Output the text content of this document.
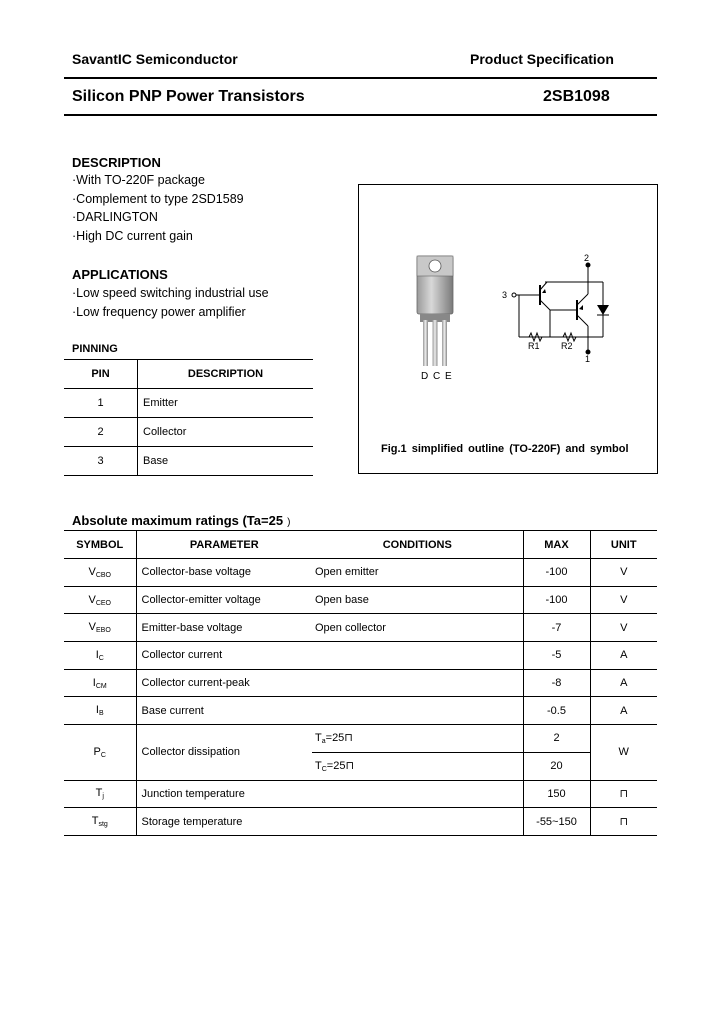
SavantIC Semiconductor	Product Specification
Silicon PNP Power Transistors	2SB1098
DESCRIPTION
·With TO-220F package
·Complement to type 2SD1589
·DARLINGTON
·High DC current gain
APPLICATIONS
·Low speed switching industrial use
·Low frequency power amplifier
PINNING
PIN	DESCRIPTION
1	Emitter
2	Collector
3	Base
D C E
2
3
R1 R2
1
Fig.1 simplified outline (TO-220F) and symbol
Absolute maximum ratings (Ta=25 )
SYMBOL	PARAMETER	CONDITIONS	MAX	UNIT
$V_{CBO}$	Collector-base voltage	Open emitter	-100	V
$V_{CEO}$	Collector-emitter voltage	Open base	-100	V
$V_{EBO}$	Emitter-base voltage	Open collector	-7	V
$I_C$	Collector current		-5	A
$I_{CM}$	Collector current-peak		-8	A
$I_B$	Base current		-0.5	A
$P_C$	Collector dissipation	$T_a=25⊓$	2	W
		$T_C=25⊓$	20	
$T_j$	Junction temperature		150	⊓
$T_{stg}$	Storage temperature		-55~150	⊓
